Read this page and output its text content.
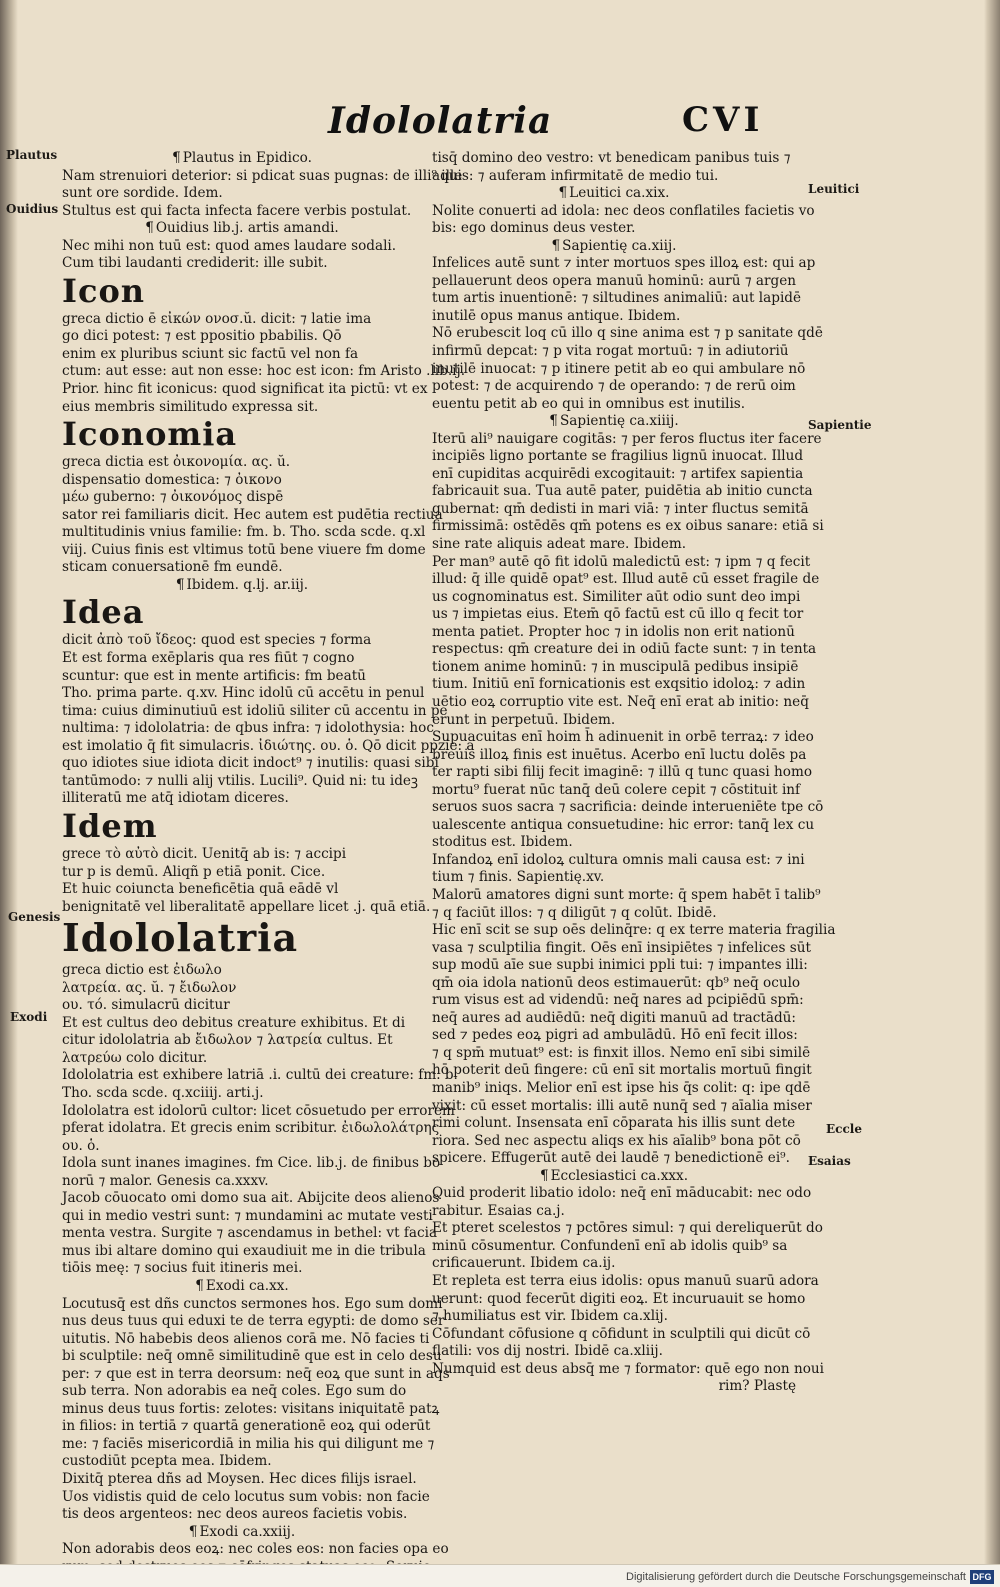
Idololatria	CVI
Plautus
Ouidius
Genesis
Exodi
Leuitici
Sapientie
Eccle
Esaias
¶ Plautus in Epidico.
Nam strenuiori deterior: si pdicat suas pugnas: de illi⁹ ille
sunt ore sordide. Idem.
Stultus est qui facta infecta facere verbis postulat.
¶ Ouidius lib.j. artis amandi.
Nec mihi non tuū est: quod ames laudare sodali.
Cum tibi laudanti crediderit: ille subit.
Icon
greca dictio ē εἰκών ονοσ.ŭ. dicit: ⁊ latie ima
go dici potest: ⁊ est ppositio pbabilis. Qō
enim ex pluribus sciunt sic factū vel non fa
ctum: aut esse: aut non esse: hoc est icon: fm Aristo .lib.ij.
Prior. hinc fit iconicus: quod significat ita pictū: vt ex
eius membris similitudo expressa sit.
Iconomia
greca dictia est ὀικονομία. ας. ŭ.
dispensatio domestica: ⁊ ὀικονο
μέω guberno: ⁊ ὀικονόμος dispē
sator rei familiaris dicit. Hec autem est pudētia rectiua
multitudinis vnius familie: fm. b. Tho. scda scde. q.xl
viij. Cuius finis est vltimus totū bene viuere fm dome
sticam conuersationē fm eundē.
¶ Ibidem. q.lj. ar.iij.
Idea
dicit ἀπὸ τοῦ ἴδεος: quod est species ⁊ forma
Et est forma exēplaris qua res fiūt ⁊ cogno
scuntur: que est in mente artificis: fm beatū
Tho. prima parte. q.xv. Hinc idolū cū accētu in penul
tima: cuius diminutiuū est idoliū siliter cū accentu in pe
nultima: ⁊ idololatria: de qbus infra: ⁊ idolothysia: hoc
est imolatio q̄ fit simulacris. ἰδιώτης. ου. ὁ. Qō dicit ppzie: a
quo idiotes siue idiota dicit indoct⁹ ⁊ inutilis: quasi sibi
tantūmodo: ⁊ nulli alij vtilis. Lucili⁹. Quid ni: tu ideꝫ
illiteratū me atq̄ idiotam diceres.
Idem
grece τὸ αὐτὸ dicit. Uenitq̄ ab is: ⁊ accipi
tur p is demū. Aliqñ p etiā ponit. Cice.
Et huic coiuncta beneficētia quā eādē vl
benignitatē vel liberalitatē appellare licet .j. quā etiā.
Idololatria
greca dictio est ἐιδωλο
λατρεία. ας. ŭ. ⁊ ἔιδωλον
ου. τό. simulacrū dicitur
Et est cultus deo debitus creature exhibitus. Et di
citur idololatria ab ἔιδωλον ⁊ λατρεία cultus. Et
λατρεύω colo dicitur.
Idololatria est exhibere latriā .i. cultū dei creature: fm. b.
Tho. scda scde. q.xciiij. arti.j.
Idololatra est idolorū cultor: licet cōsuetudo per errorem
pferat idolatra. Et grecis enim scribitur. ἐιδωλολάτρης
ου. ὁ.
Idola sunt inanes imagines. fm Cice. lib.j. de finibus bo
norū ⁊ malor. Genesis ca.xxxv.
Jacob cōuocato omi domo sua ait. Abijcite deos alienos
qui in medio vestri sunt: ⁊ mundamini ac mutate vesti
menta vestra. Surgite ⁊ ascendamus in bethel: vt facia
mus ibi altare domino qui exaudiuit me in die tribula
tiōis meę: ⁊ socius fuit itineris mei.
¶ Exodi ca.xx.
Locutusq̄ est dñs cunctos sermones hos. Ego sum domi
nus deus tuus qui eduxi te de terra egypti: de domo ser
uitutis. Nō habebis deos alienos corā me. Nō facies ti
bi sculptile: neq̄ omnē similitudinē que est in celo desu
per: ⁊ que est in terra deorsum: neq̄ eoꝝ que sunt in aqs
sub terra. Non adorabis ea neq̄ coles. Ego sum do
minus deus tuus fortis: zelotes: visitans iniquitatē patꝝ
in filios: in tertiā ⁊ quartā generationē eoꝝ qui oderūt
me: ⁊ faciēs misericordiā in milia his qui diligunt me ⁊
custodiūt pcepta mea. Ibidem.
Dixitq̄ pterea dñs ad Moysen. Hec dices filijs israel.
Uos vidistis quid de celo locutus sum vobis: non facie
tis deos argenteos: nec deos aureos facietis vobis.
¶ Exodi ca.xxiij.
Non adorabis deos eoꝝ: nec coles eos: non facies opa eo
tisq̄ domino deo vestro: vt benedicam panibus tuis ⁊
aquis: ⁊ auferam infirmitatē de medio tui.
¶ Leuitici ca.xix.
Nolite conuerti ad idola: nec deos conflatiles facietis vo
bis: ego dominus deus vester.
¶ Sapientię ca.xiij.
Infelices autē sunt ⁊ inter mortuos spes illoꝝ est: qui ap
pellauerunt deos opera manuū hominū: aurū ⁊ argen
tum artis inuentionē: ⁊ siltudines animaliū: aut lapidē
inutilē opus manus antique. Ibidem.
Nō erubescit loq cū illo q sine anima est ⁊ p sanitate qdē
infirmū depcat: ⁊ p vita rogat mortuū: ⁊ in adiutoriū
inutilē inuocat: ⁊ p itinere petit ab eo qui ambulare nō
potest: ⁊ de acquirendo ⁊ de operando: ⁊ de rerū oim
euentu petit ab eo qui in omnibus est inutilis.
¶ Sapientię ca.xiiij.
Iterū ali⁹ nauigare cogitās: ⁊ per feros fluctus iter facere
incipiēs ligno portante se fragilius lignū inuocat. Illud
enī cupiditas acquirēdi excogitauit: ⁊ artifex sapientia
fabricauit sua. Tua autē pater, puidētia ab initio cuncta
gubernat: qm̄ dedisti in mari viā: ⁊ inter fluctus semitā
firmissimā: ostēdēs qm̄ potens es ex oibus sanare: etiā si
sine rate aliquis adeat mare. Ibidem.
Per man⁹ autē qō fit idolū maledictū est: ⁊ ipm ⁊ q fecit
illud: q̄ ille quidē opat⁹ est. Illud autē cū esset fragile de
us cognominatus est. Similiter aūt odio sunt deo impi
us ⁊ impietas eius. Etem̄ qō factū est cū illo q fecit tor
menta patiet. Propter hoc ⁊ in idolis non erit nationū
respectus: qm̄ creature dei in odiū facte sunt: ⁊ in tenta
tionem anime hominū: ⁊ in muscipulā pedibus insipiē
tium. Initiū enī fornicationis est exqsitio idoloꝝ: ⁊ adin
uētio eoꝝ corruptio vite est. Neq̄ enī erat ab initio: neq̄
erunt in perpetuū. Ibidem.
Supuacuitas enī hoim h̄ adinuenit in orbē terraꝝ: ⁊ ideo
breuis illoꝝ finis est inuētus. Acerbo enī luctu dolēs pa
ter rapti sibi filij fecit imaginē: ⁊ illū q tunc quasi homo
mortu⁹ fuerat nūc tanq̄ deū colere cepit ⁊ cōstituit inf
seruos suos sacra ⁊ sacrificia: deinde interueniēte tpe cō
ualescente antiqua consuetudine: hic error: tanq̄ lex cu
stoditus est. Ibidem.
Infandoꝝ enī idoloꝝ cultura omnis mali causa est: ⁊ ini
tium ⁊ finis. Sapientię.xv.
Malorū amatores digni sunt morte: q̄ spem habēt ī talib⁹
⁊ q faciūt illos: ⁊ q diligūt ⁊ q colūt. Ibidē.
Hic enī scit se sup oēs delinq̄re: q ex terre materia fragilia
vasa ⁊ sculptilia fingit. Oēs enī insipiētes ⁊ infelices sūt
sup modū aīe sue supbi inimici ppli tui: ⁊ impantes illi:
qm̄ oia idola nationū deos estimauerūt: qb⁹ neq̄ oculo
rum visus est ad videndū: neq̄ nares ad pcipiēdū spm̄:
neq̄ aures ad audiēdū: neq̄ digiti manuū ad tractādū:
sed ⁊ pedes eoꝝ pigri ad ambulādū. Hō enī fecit illos:
⁊ q spm̄ mutuat⁹ est: is finxit illos. Nemo enī sibi similē
hō poterit deū fingere: cū enī sit mortalis mortuū fingit
manib⁹ iniqs. Melior enī est ipse his q̄s colit: q: ipe qdē
vixit: cū esset mortalis: illi autē nunq̄ sed ⁊ aīalia miser
rimi colunt. Insensata enī cōparata his illis sunt dete
riora. Sed nec aspectu aliqs ex his aīalib⁹ bona pōt cō
spicere. Effugerūt autē dei laudē ⁊ benedictionē ei⁹.
¶ Ecclesiastici ca.xxx.
Quid proderit libatio idolo: neq̄ enī māducabit: nec odo
rabitur. Esaias ca.j.
Et pteret scelestos ⁊ pctōres simul: ⁊ qui dereliquerūt do
minū cōsumentur. Confundenī enī ab idolis quib⁹ sa
crificauerunt. Ibidem ca.ij.
Et repleta est terra eius idolis: opus manuū suarū adora
uerunt: quod fecerūt digiti eoꝝ. Et incuruauit se homo
⁊ humiliatus est vir. Ibidem ca.xlij.
Cōfundant cōfusione q cōfidunt in sculptili qui dicūt cō
flatili: vos dij nostri. Ibidē ca.xliij.
Numquid est deus absq̄ me ⁊ formator: quē ego non noui
rim? Plastę
Digitalisierung gefördert durch die Deutsche Forschungsgemeinschaft DFG
